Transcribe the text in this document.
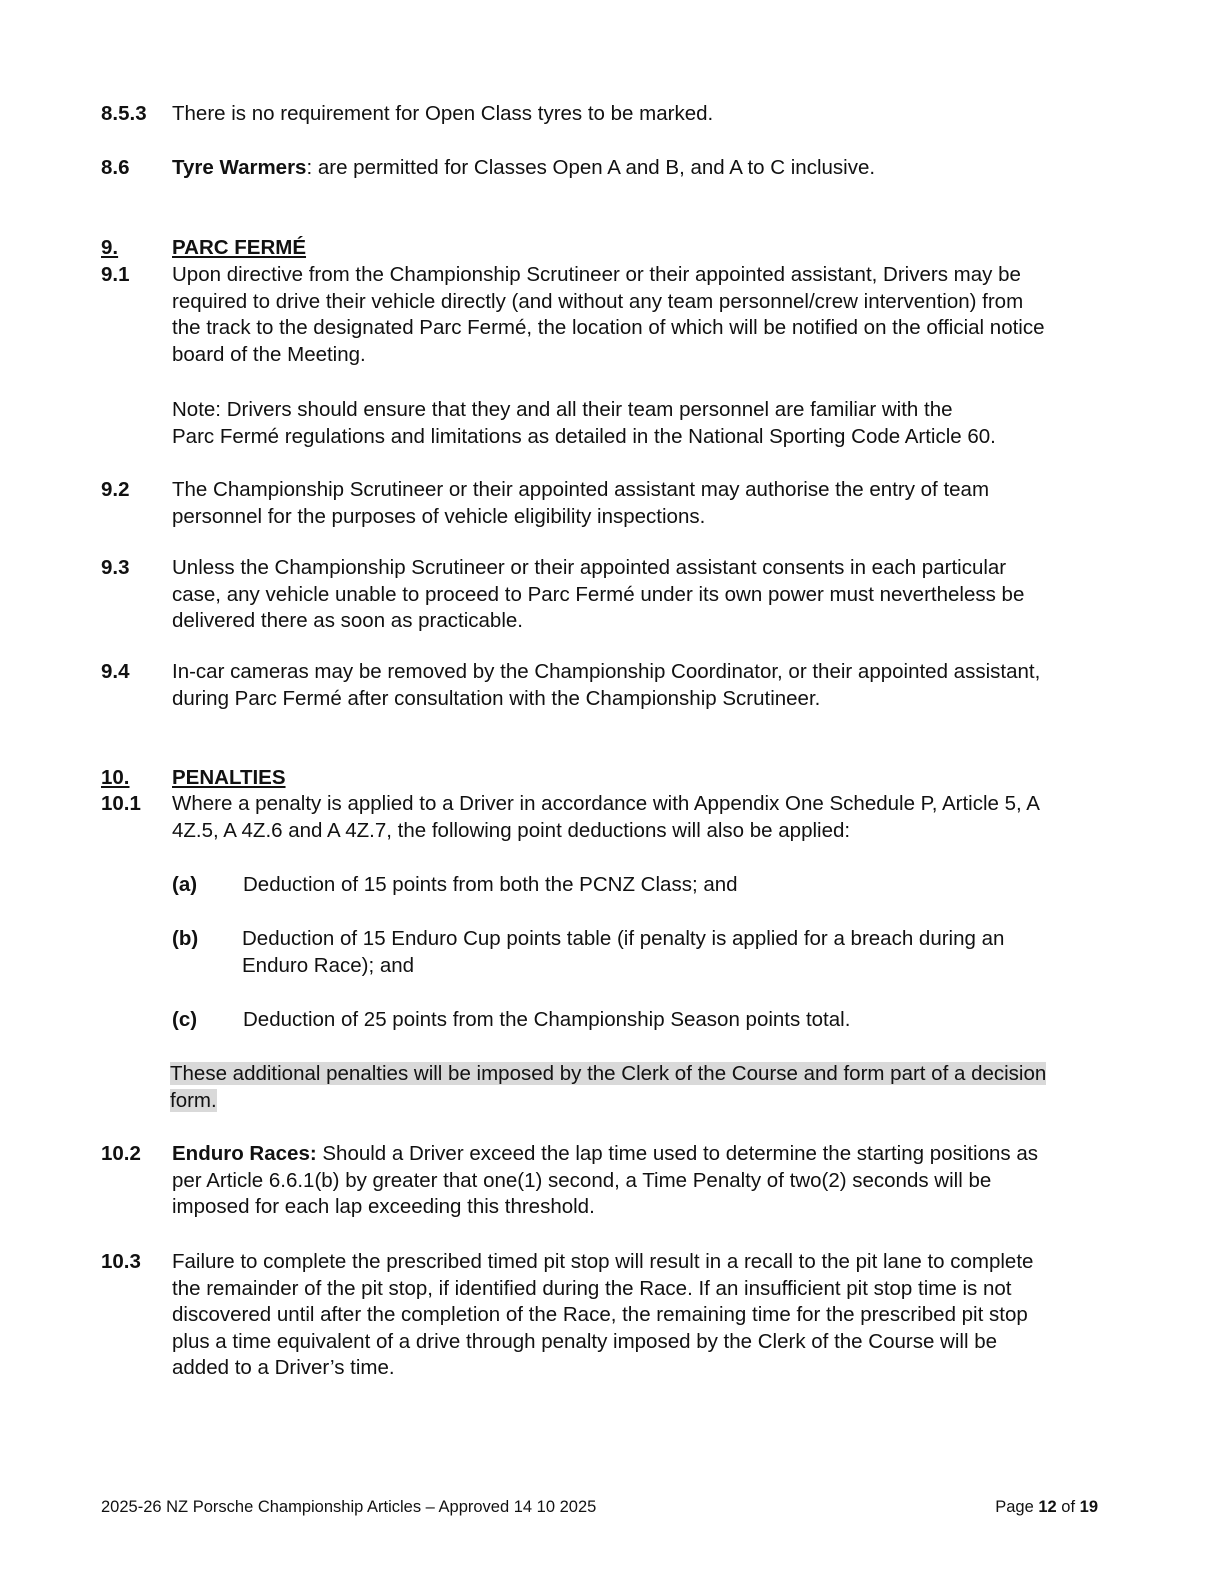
8.5.3 There is no requirement for Open Class tyres to be marked.
8.6 Tyre Warmers: are permitted for Classes Open A and B, and A to C inclusive.
9.	PARC FERMÉ
9.1 Upon directive from the Championship Scrutineer or their appointed assistant, Drivers may be
required to drive their vehicle directly (and without any team personnel/crew intervention) from
the track to the designated Parc Fermé, the location of which will be notified on the official notice
board of the Meeting.
Note: Drivers should ensure that they and all their team personnel are familiar with the
Parc Fermé regulations and limitations as detailed in the National Sporting Code Article 60.
9.2 The Championship Scrutineer or their appointed assistant may authorise the entry of team
personnel for the purposes of vehicle eligibility inspections.
9.3 Unless the Championship Scrutineer or their appointed assistant consents in each particular
case, any vehicle unable to proceed to Parc Fermé under its own power must nevertheless be
delivered there as soon as practicable.
9.4 In-car cameras may be removed by the Championship Coordinator, or their appointed assistant,
during Parc Fermé after consultation with the Championship Scrutineer.
10. PENALTIES
10.1 Where a penalty is applied to a Driver in accordance with Appendix One Schedule P, Article 5, A
4Z.5, A 4Z.6 and A 4Z.7, the following point deductions will also be applied:
(a) Deduction of 15 points from both the PCNZ Class; and
(b) Deduction of 15 Enduro Cup points table (if penalty is applied for a breach during an
Enduro Race); and
(c) Deduction of 25 points from the Championship Season points total.
These additional penalties will be imposed by the Clerk of the Course and form part of a decision
form.
10.2 Enduro Races: Should a Driver exceed the lap time used to determine the starting positions as
per Article 6.6.1(b) by greater that one(1) second, a Time Penalty of two(2) seconds will be
imposed for each lap exceeding this threshold.
10.3 Failure to complete the prescribed timed pit stop will result in a recall to the pit lane to complete
the remainder of the pit stop, if identified during the Race. If an insufficient pit stop time is not
discovered until after the completion of the Race, the remaining time for the prescribed pit stop
plus a time equivalent of a drive through penalty imposed by the Clerk of the Course will be
added to a Driver’s time.
2025-26 NZ Porsche Championship Articles – Approved 14 10 2025	Page 12 of 19
